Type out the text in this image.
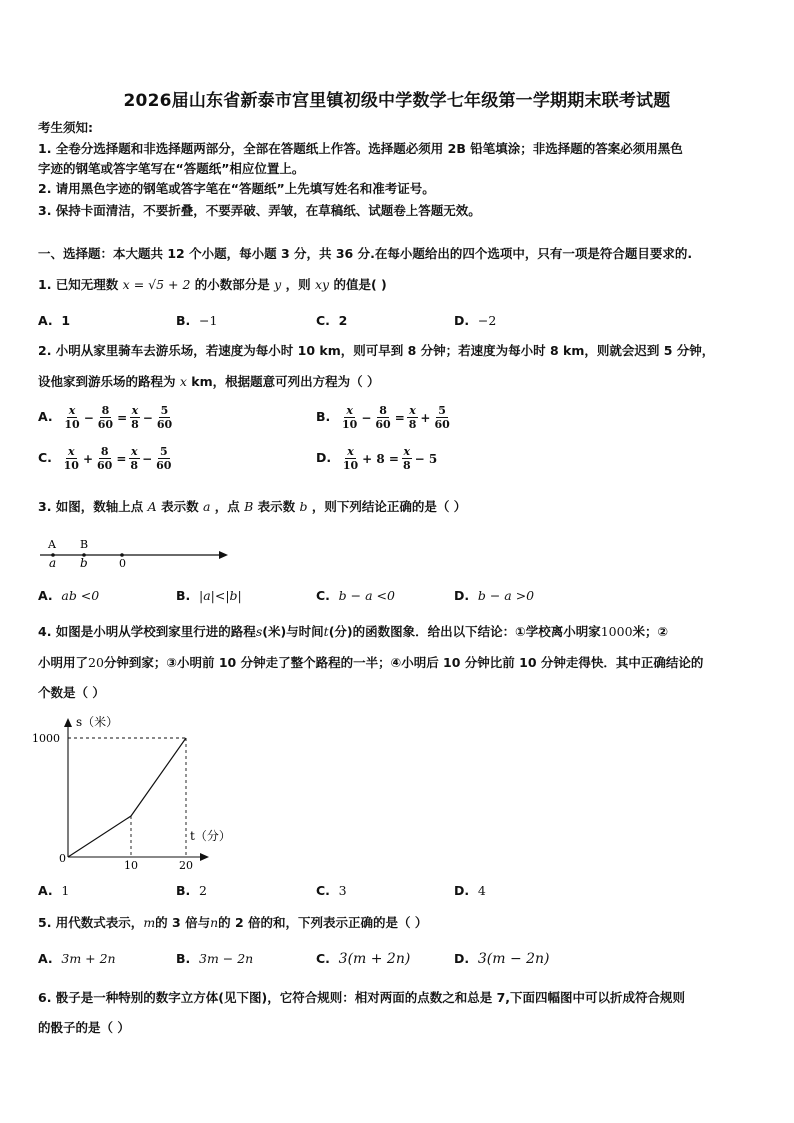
2026届山东省新泰市宫里镇初级中学数学七年级第一学期期末联考试题
考生须知:
1. 全卷分选择题和非选择题两部分，全部在答题纸上作答。选择题必须用 2B 铅笔填涂；非选择题的答案必须用黑色
字迹的钢笔或答字笔写在“答题纸”相应位置上。
2. 请用黑色字迹的钢笔或答字笔在“答题纸”上先填写姓名和准考证号。
3. 保持卡面清洁，不要折叠，不要弄破、弄皱，在草稿纸、试题卷上答题无效。
一、选择题：本大题共 12 个小题，每小题 3 分，共 36 分.在每小题给出的四个选项中，只有一项是符合题目要求的.
1. 已知无理数 x = √5 + 2 的小数部分是 y ，则 xy 的值是( )
A. 1	B. −1	C. 2	D. −2
2. 小明从家里骑车去游乐场，若速度为每小时 10 km，则可早到 8 分钟；若速度为每小时 8 km，则就会迟到 5 分钟，
设他家到游乐场的路程为 x km，根据题意可列出方程为（ ）
A. $\frac{x}{10} - \frac{8}{60} = \frac{x}{8} - \frac{5}{60}$	B. $\frac{x}{10} - \frac{8}{60} = \frac{x}{8} + \frac{5}{60}$
C. $\frac{x}{10} + \frac{8}{60} = \frac{x}{8} - \frac{5}{60}$	D. $\frac{x}{10} + 8 = \frac{x}{8} - 5$
3. 如图，数轴上点 A 表示数 a ，点 B 表示数 b ，则下列结论正确的是（ ）
A B
a b	0
A. ab <0	B. |a|<|b|	C. b − a <0	D. b − a >0
4. 如图是小明从学校到家里行进的路程s(米)与时间t(分)的函数图象．给出以下结论：①学校离小明家1000米；②
小明用了20分钟到家；③小明前 10 分钟走了整个路程的一半；④小明后 10 分钟比前 10 分钟走得快．其中正确结论的
个数是（ ）
s（米）
t（分）
1000
0
10	20
A. 1	B. 2	C. 3	D. 4
5. 用代数式表示，m的 3 倍与n的 2 倍的和，下列表示正确的是（ ）
A. 3m + 2n	B. 3m − 2n	C. 3(m + 2n)	D. 3(m − 2n)
6. 骰子是一种特别的数字立方体(见下图)，它符合规则：相对两面的点数之和总是 7,下面四幅图中可以折成符合规则
的骰子的是（ ）
